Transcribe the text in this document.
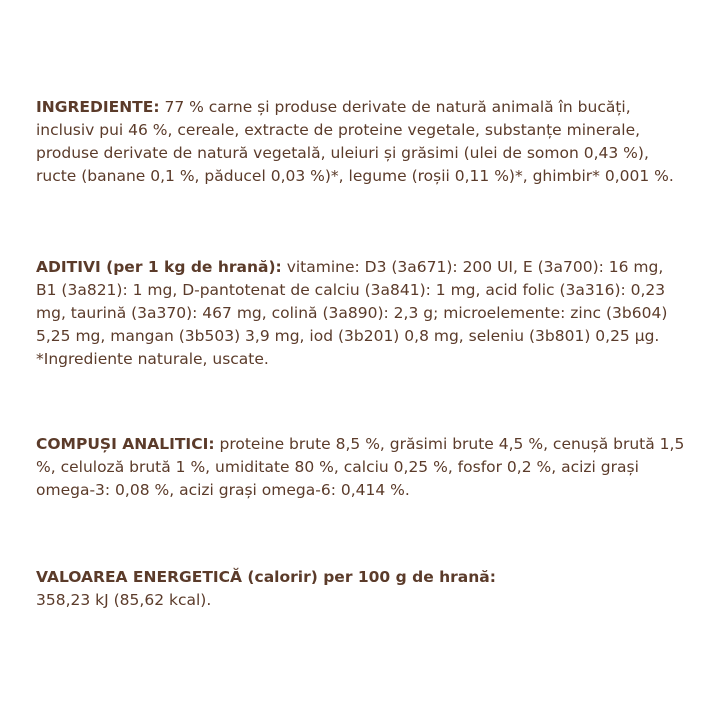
INGREDIENTE: 77 % carne și produse derivate de natură animală în bucăți, inclusiv pui 46 %, cereale, extracte de proteine vegetale, substanțe minerale, produse derivate de natură vegetală, uleiuri și grăsimi (ulei de somon 0,43 %), ructe (banane 0,1 %, păducel 0,03 %)*, legume (roșii 0,11 %)*, ghimbir* 0,001 %.
ADITIVI (per 1 kg de hrană): vitamine: D3 (3a671): 200 UI, E (3a700): 16 mg, B1 (3a821): 1 mg, D-pantotenat de calciu (3a841): 1 mg, acid folic (3a316): 0,23 mg, taurină (3a370): 467 mg, colină (3a890): 2,3 g; microelemente: zinc (3b604) 5,25 mg, mangan (3b503) 3,9 mg, iod (3b201) 0,8 mg, seleniu (3b801) 0,25 µg.
*Ingrediente naturale, uscate.
COMPUȘI ANALITICI: proteine brute 8,5 %, grăsimi brute 4,5 %, cenușă brută 1,5 %, celuloză brută 1 %, umiditate 80 %, calciu 0,25 %, fosfor 0,2 %, acizi grași omega-3: 0,08 %, acizi grași omega-6: 0,414 %.
VALOAREA ENERGETICĂ (calorir) per 100 g de hrană:
358,23 kJ (85,62 kcal).
